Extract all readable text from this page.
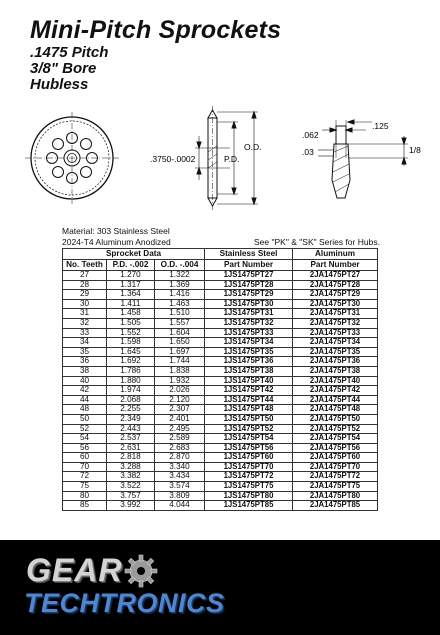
Mini-Pitch Sprockets
.1475 Pitch
3/8" Bore
Hubless
.3750-.0002	P.D.
O.D.
.062
.125
.03	1/8
Material: 303 Stainless Steel
2024-T4 Aluminum Anodized	See "PK" & "SK" Series for Hubs.
Sprocket Data			Stainless Steel	Aluminum
No. Teeth	P.D. -.002	O.D. -.004	Part Number	Part Number
27	1.270	1.322	1JS1475PT27	2JA1475PT27
28	1.317	1.369	1JS1475PT28	2JA1475PT28
29	1.364	1.416	1JS1475PT29	2JA1475PT29
30	1.411	1.463	1JS1475PT30	2JA1475PT30
31	1.458	1.510	1JS1475PT31	2JA1475PT31
32	1.505	1.557	1JS1475PT32	2JA1475PT32
33	1.552	1.604	1JS1475PT33	2JA1475PT33
34	1.598	1.650	1JS1475PT34	2JA1475PT34
35	1.645	1.697	1JS1475PT35	2JA1475PT35
36	1.692	1.744	1JS1475PT36	2JA1475PT36
38	1.786	1.838	1JS1475PT38	2JA1475PT38
40	1.880	1.932	1JS1475PT40	2JA1475PT40
42	1.974	2.026	1JS1475PT42	2JA1475PT42
44	2.068	2.120	1JS1475PT44	2JA1475PT44
48	2.255	2.307	1JS1475PT48	2JA1475PT48
50	2.349	2.401	1JS1475PT50	2JA1475PT50
52	2.443	2.495	1JS1475PT52	2JA1475PT52
54	2.537	2.589	1JS1475PT54	2JA1475PT54
56	2.631	2.683	1JS1475PT56	2JA1475PT56
60	2.818	2.870	1JS1475PT60	2JA1475PT60
70	3.288	3.340	1JS1475PT70	2JA1475PT70
72	3.382	3.434	1JS1475PT72	2JA1475PT72
75	3.522	3.574	1JS1475PT75	2JA1475PT75
80	3.757	3.809	1JS1475PT80	2JA1475PT80
85	3.992	4.044	1JS1475PT85	2JA1475PT85
GEAR
TECHTRONICS
